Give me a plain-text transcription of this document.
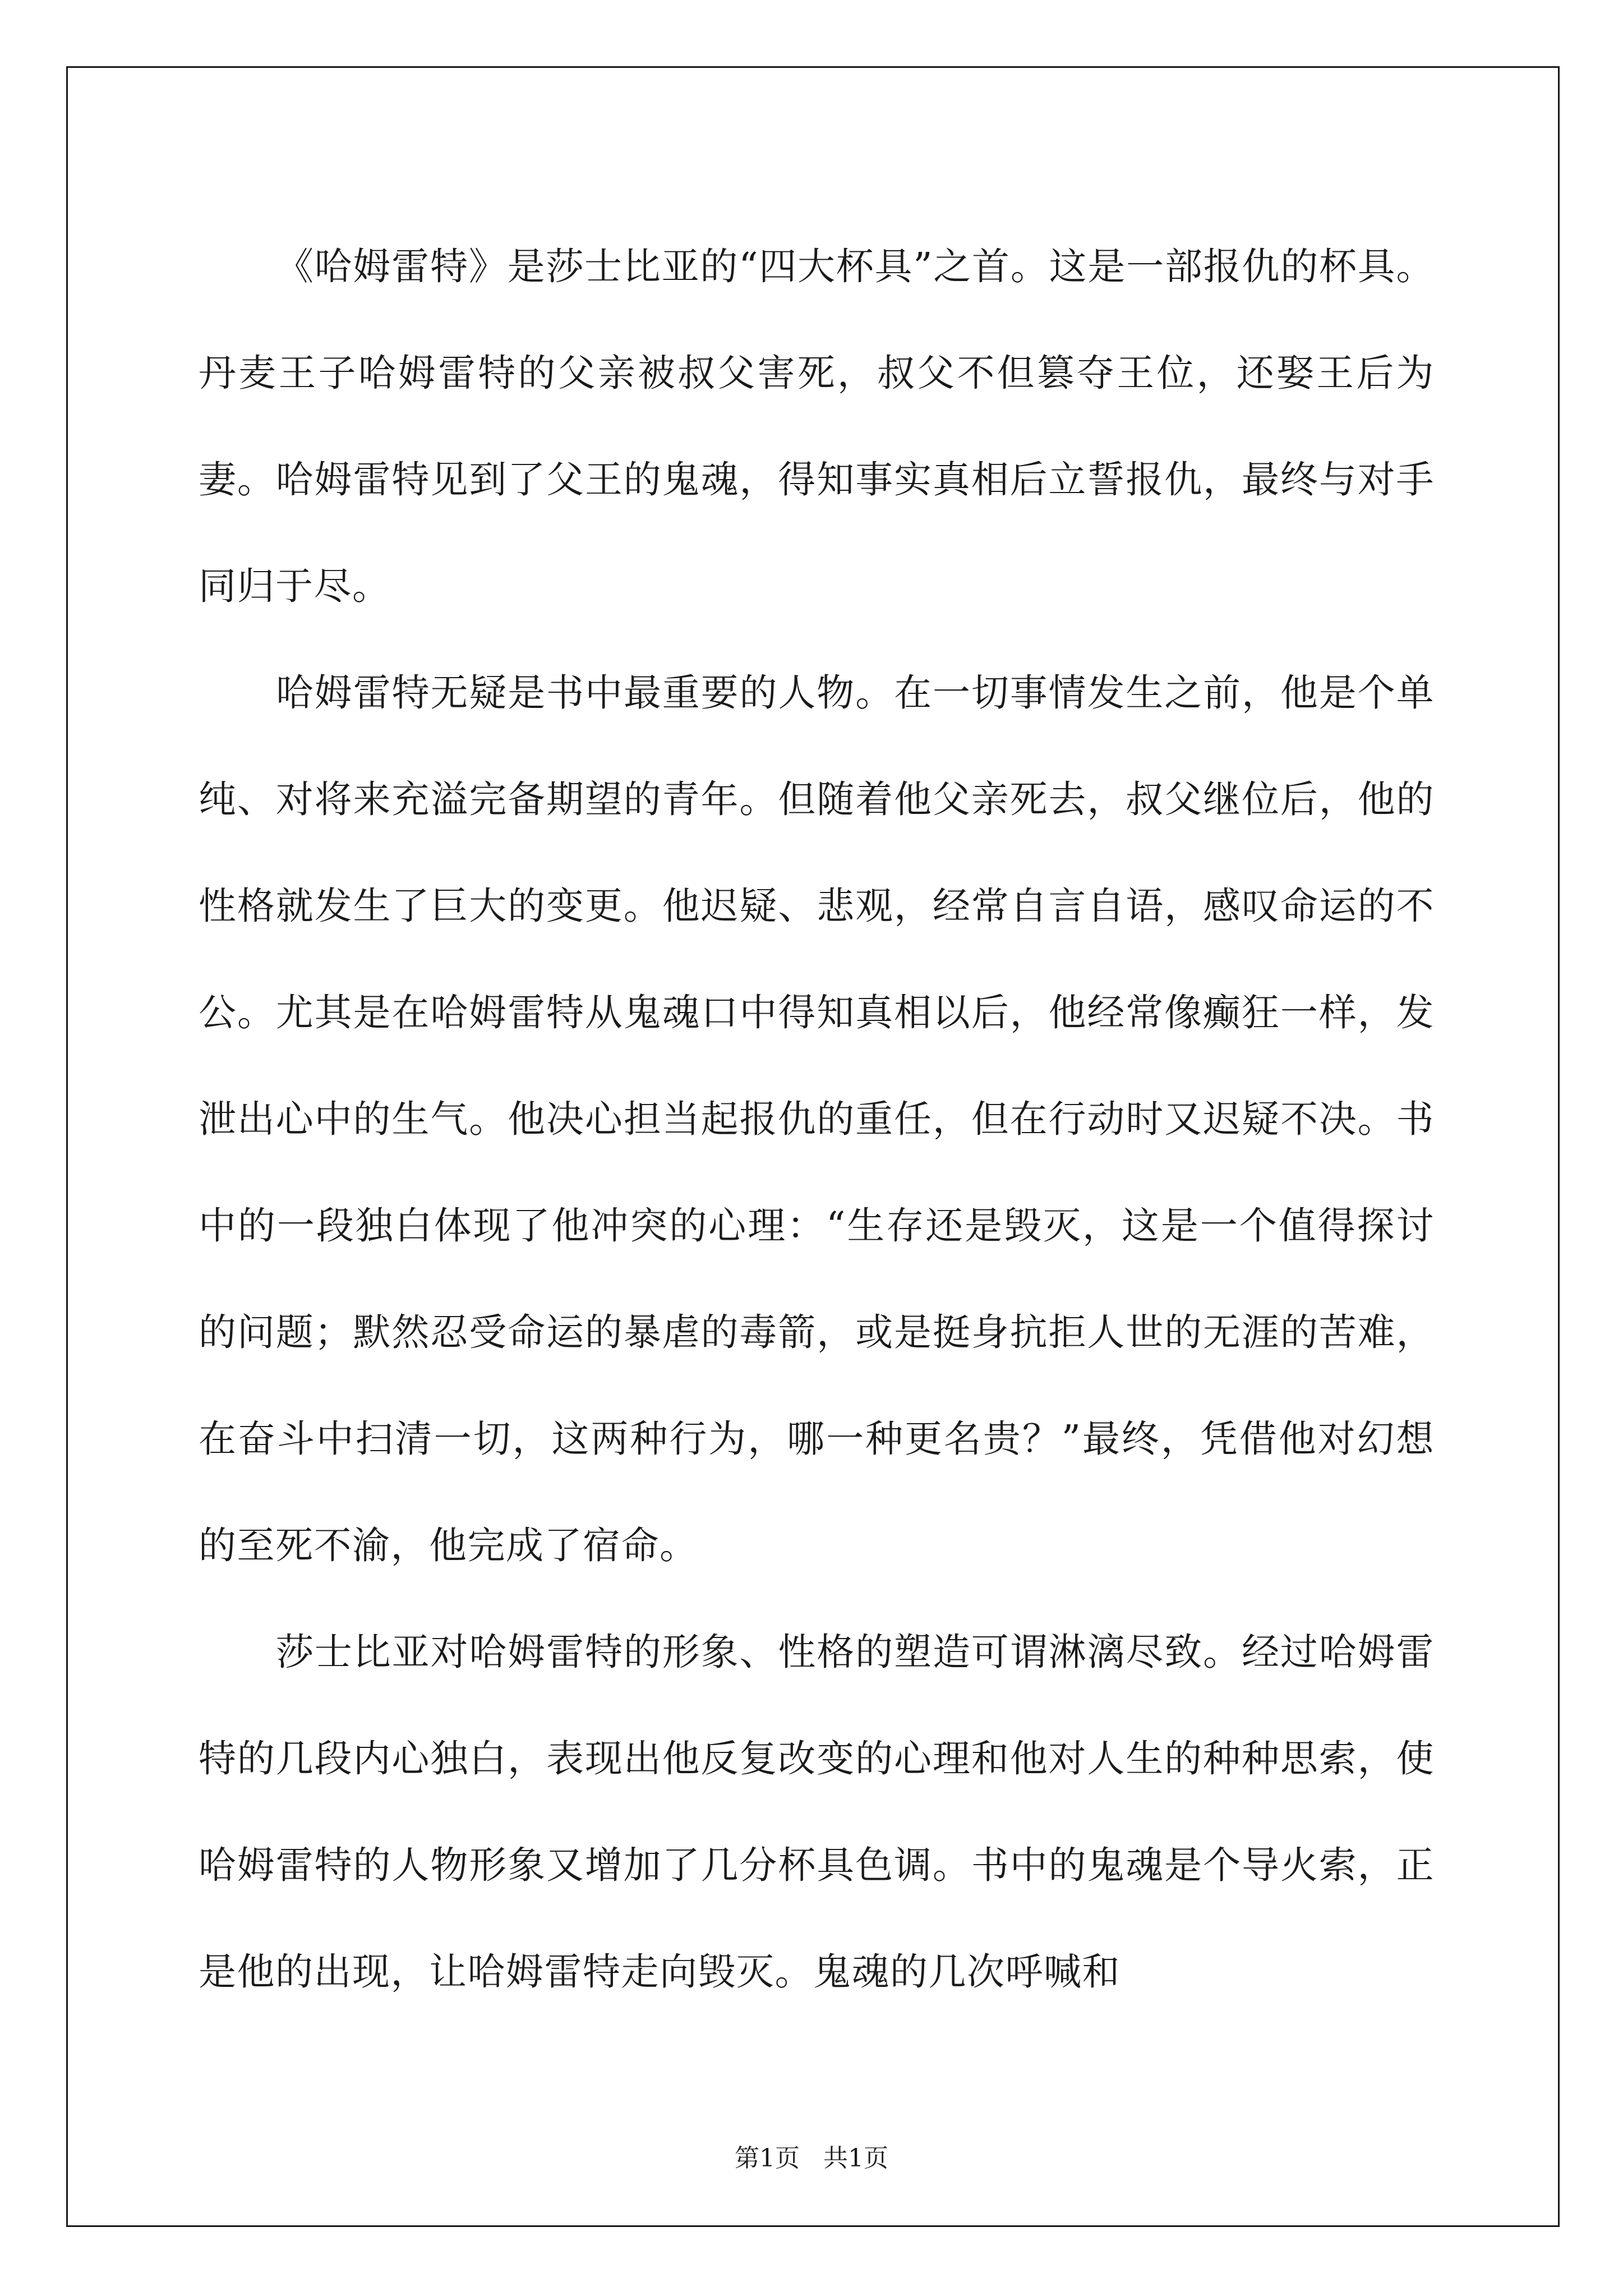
《哈姆雷特》是莎士比亚的“四大杯具”之首。这是一部报仇的杯具。丹麦王子哈姆雷特的父亲被叔父害死，叔父不但篡夺王位，还娶王后为妻。哈姆雷特见到了父王的鬼魂，得知事实真相后立誓报仇，最终与对手同归于尽。

哈姆雷特无疑是书中最重要的人物。在一切事情发生之前，他是个单纯、对将来充溢完备期望的青年。但随着他父亲死去，叔父继位后，他的性格就发生了巨大的变更。他迟疑、悲观，经常自言自语，感叹命运的不公。尤其是在哈姆雷特从鬼魂口中得知真相以后，他经常像癫狂一样，发泄出心中的生气。他决心担当起报仇的重任，但在行动时又迟疑不决。书中的一段独白体现了他冲突的心理：“生存还是毁灭，这是一个值得探讨的问题；默然忍受命运的暴虐的毒箭，或是挺身抗拒人世的无涯的苦难，在奋斗中扫清一切，这两种行为，哪一种更名贵？”最终，凭借他对幻想的至死不渝，他完成了宿命。

莎士比亚对哈姆雷特的形象、性格的塑造可谓淋漓尽致。经过哈姆雷特的几段内心独白，表现出他反复改变的心理和他对人生的种种思索，使哈姆雷特的人物形象又增加了几分杯具色调。书中的鬼魂是个导火索，正是他的出现，让哈姆雷特走向毁灭。鬼魂的几次呼喊和

第1页   共1页
